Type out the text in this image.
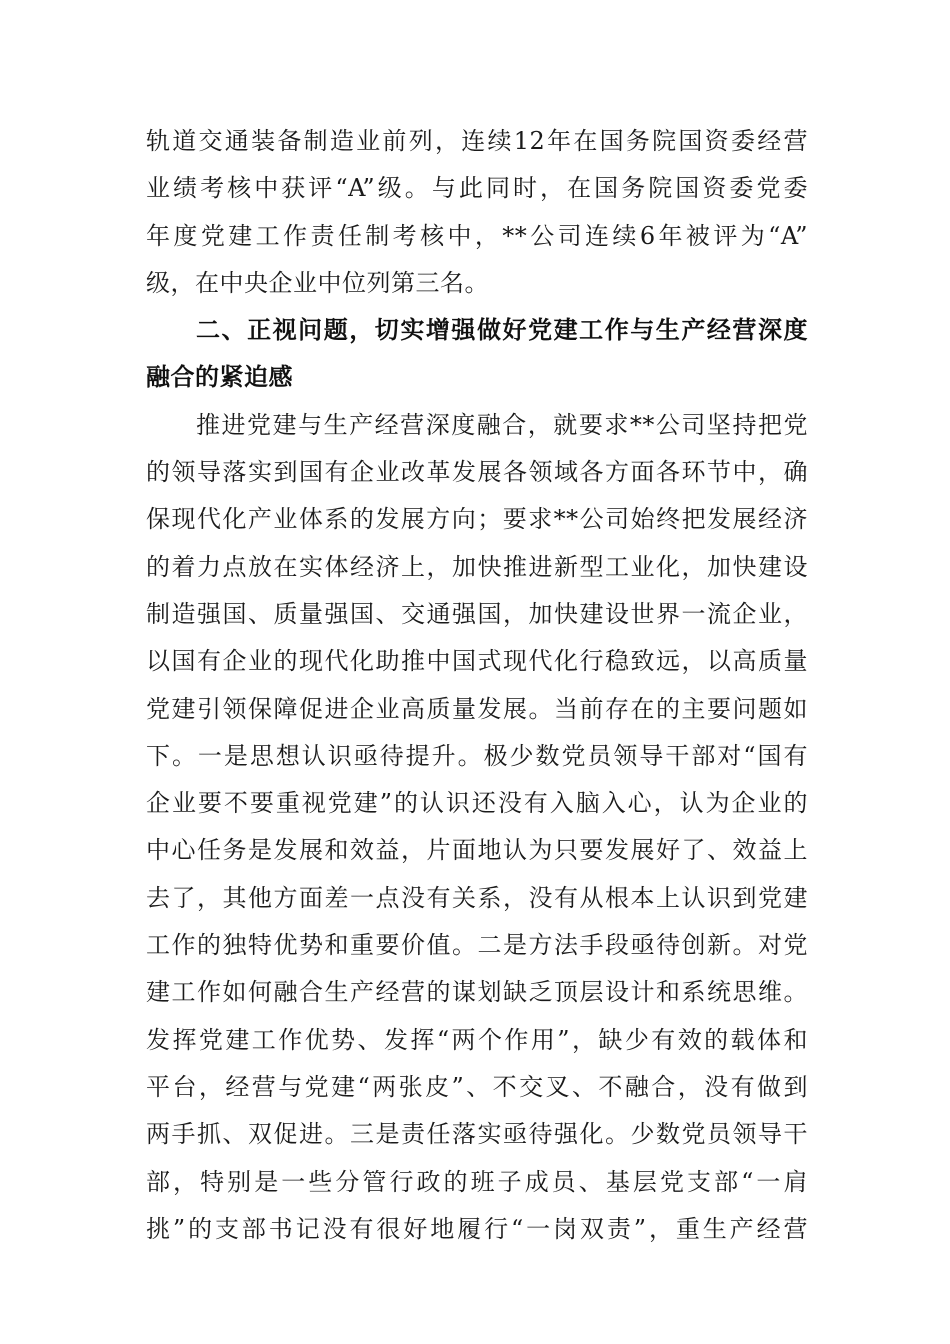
轨道交通装备制造业前列，连续12年在国务院国资委经营
业绩考核中获评“A”级。与此同时，在国务院国资委党委
年度党建工作责任制考核中，**公司连续6年被评为“A”
级，在中央企业中位列第三名。
二、正视问题，切实增强做好党建工作与生产经营深度
融合的紧迫感
推进党建与生产经营深度融合，就要求**公司坚持把党
的领导落实到国有企业改革发展各领域各方面各环节中，确
保现代化产业体系的发展方向；要求**公司始终把发展经济
的着力点放在实体经济上，加快推进新型工业化，加快建设
制造强国、质量强国、交通强国，加快建设世界一流企业，
以国有企业的现代化助推中国式现代化行稳致远，以高质量
党建引领保障促进企业高质量发展。当前存在的主要问题如
下。一是思想认识亟待提升。极少数党员领导干部对“国有
企业要不要重视党建”的认识还没有入脑入心，认为企业的
中心任务是发展和效益，片面地认为只要发展好了、效益上
去了，其他方面差一点没有关系，没有从根本上认识到党建
工作的独特优势和重要价值。二是方法手段亟待创新。对党
建工作如何融合生产经营的谋划缺乏顶层设计和系统思维。
发挥党建工作优势、发挥“两个作用”，缺少有效的载体和
平台，经营与党建“两张皮”、不交叉、不融合，没有做到
两手抓、双促进。三是责任落实亟待强化。少数党员领导干
部，特别是一些分管行政的班子成员、基层党支部“一肩
挑”的支部书记没有很好地履行“一岗双责”，重生产经营
